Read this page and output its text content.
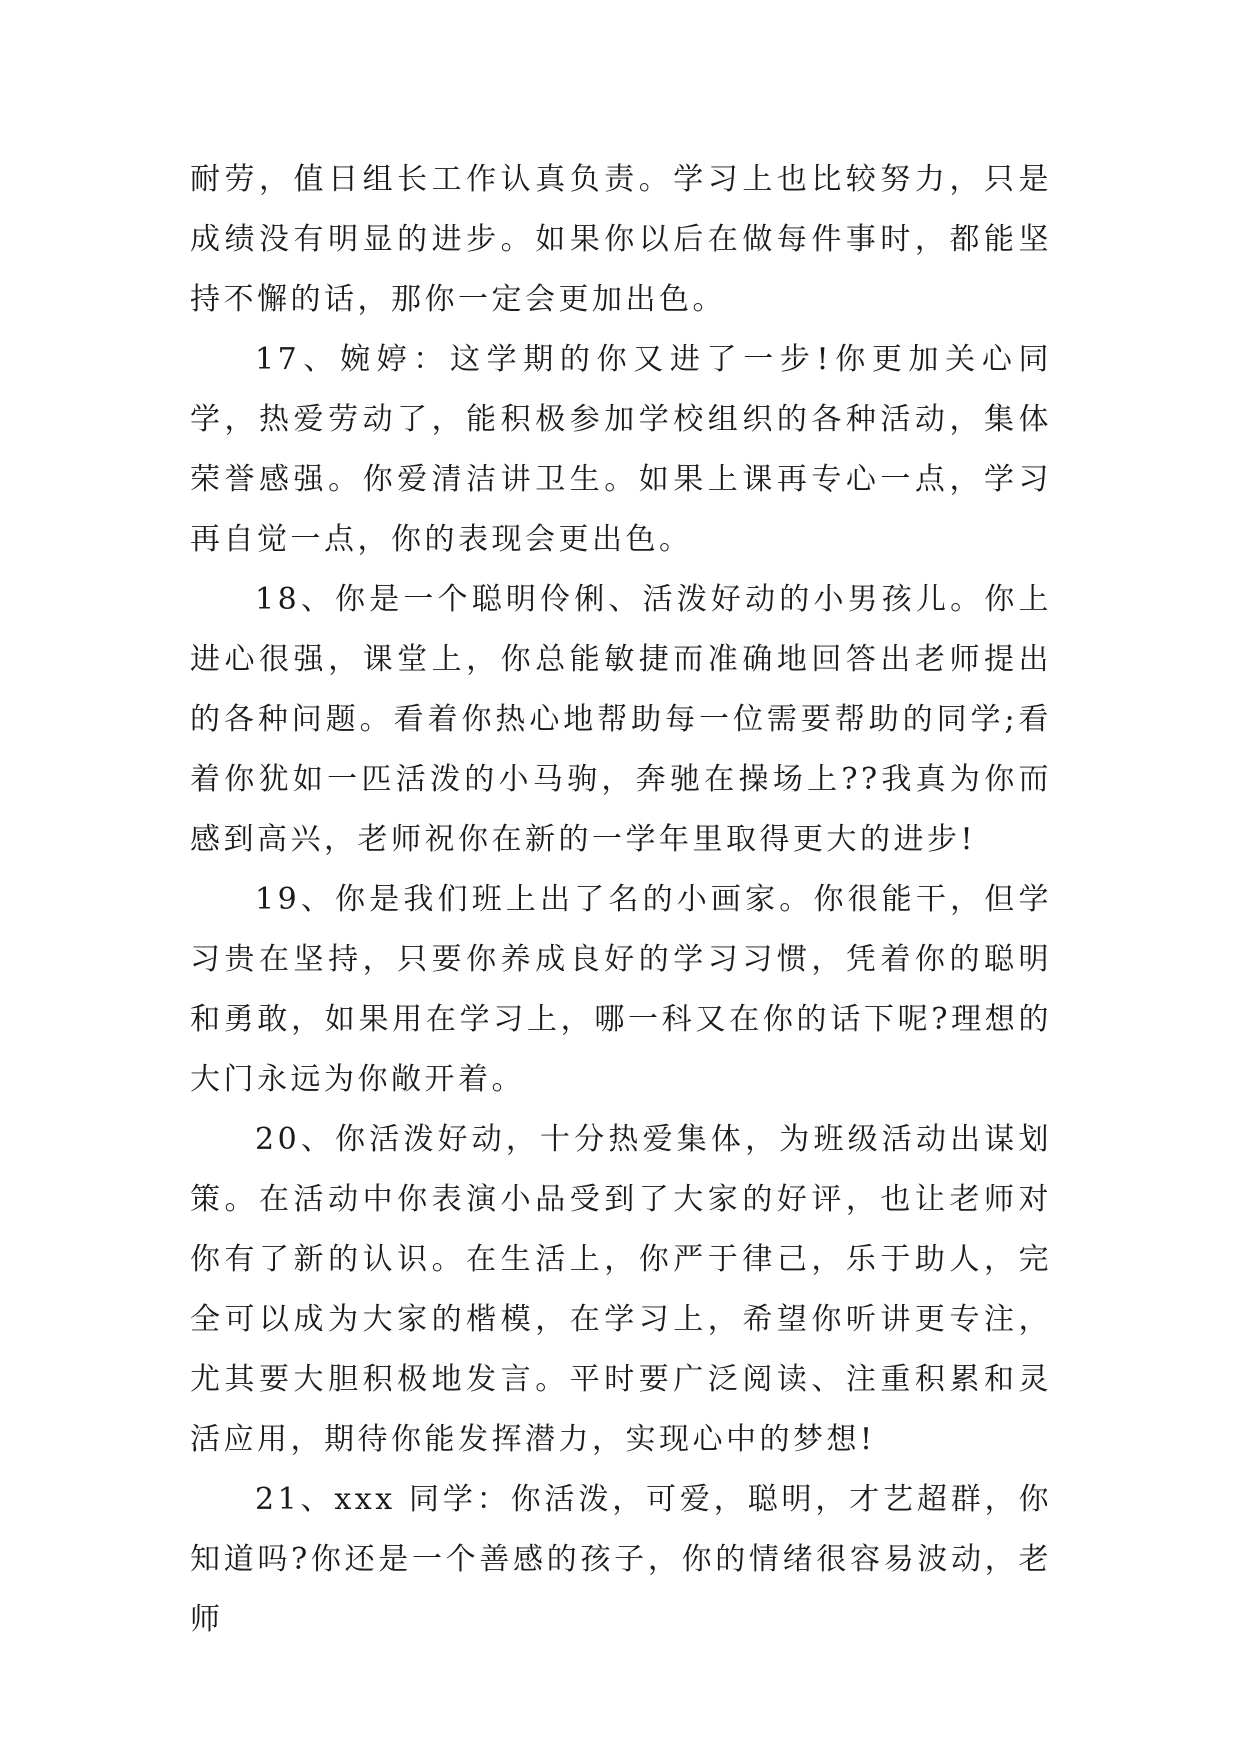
耐劳，值日组长工作认真负责。学习上也比较努力，只是成绩没有明显的进步。如果你以后在做每件事时，都能坚持不懈的话，那你一定会更加出色。

17、婉婷：这学期的你又进了一步!你更加关心同学，热爱劳动了，能积极参加学校组织的各种活动，集体荣誉感强。你爱清洁讲卫生。如果上课再专心一点，学习再自觉一点，你的表现会更出色。

18、你是一个聪明伶俐、活泼好动的小男孩儿。你上进心很强，课堂上，你总能敏捷而准确地回答出老师提出的各种问题。看着你热心地帮助每一位需要帮助的同学;看着你犹如一匹活泼的小马驹，奔驰在操场上??我真为你而感到高兴，老师祝你在新的一学年里取得更大的进步!

19、你是我们班上出了名的小画家。你很能干，但学习贵在坚持，只要你养成良好的学习习惯，凭着你的聪明和勇敢，如果用在学习上，哪一科又在你的话下呢?理想的大门永远为你敞开着。

20、你活泼好动，十分热爱集体，为班级活动出谋划策。在活动中你表演小品受到了大家的好评，也让老师对你有了新的认识。在生活上，你严于律己，乐于助人，完全可以成为大家的楷模，在学习上，希望你听讲更专注，尤其要大胆积极地发言。平时要广泛阅读、注重积累和灵活应用，期待你能发挥潜力，实现心中的梦想!

21、xxx 同学：你活泼，可爱，聪明，才艺超群，你知道吗?你还是一个善感的孩子，你的情绪很容易波动，老师
